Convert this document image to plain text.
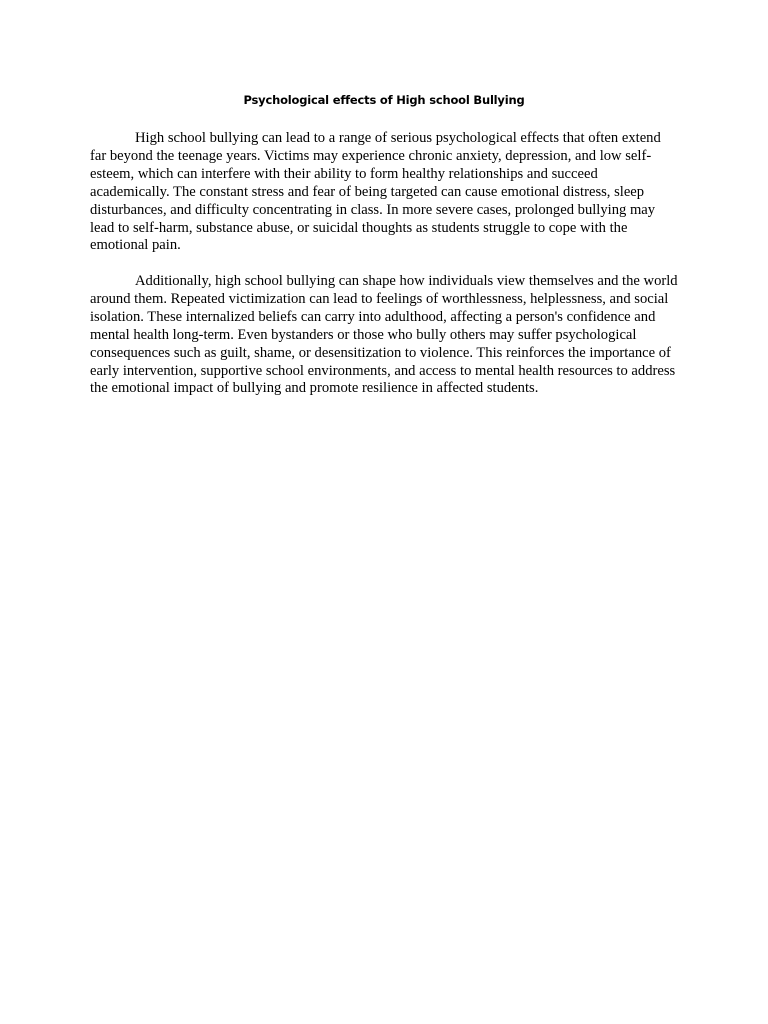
Psychological effects of High school Bullying

High school bullying can lead to a range of serious psychological effects that often extend far beyond the teenage years. Victims may experience chronic anxiety, depression, and low self-esteem, which can interfere with their ability to form healthy relationships and succeed academically. The constant stress and fear of being targeted can cause emotional distress, sleep disturbances, and difficulty concentrating in class. In more severe cases, prolonged bullying may lead to self-harm, substance abuse, or suicidal thoughts as students struggle to cope with the emotional pain.

Additionally, high school bullying can shape how individuals view themselves and the world around them. Repeated victimization can lead to feelings of worthlessness, helplessness, and social isolation. These internalized beliefs can carry into adulthood, affecting a person's confidence and mental health long-term. Even bystanders or those who bully others may suffer psychological consequences such as guilt, shame, or desensitization to violence. This reinforces the importance of early intervention, supportive school environments, and access to mental health resources to address the emotional impact of bullying and promote resilience in affected students.
